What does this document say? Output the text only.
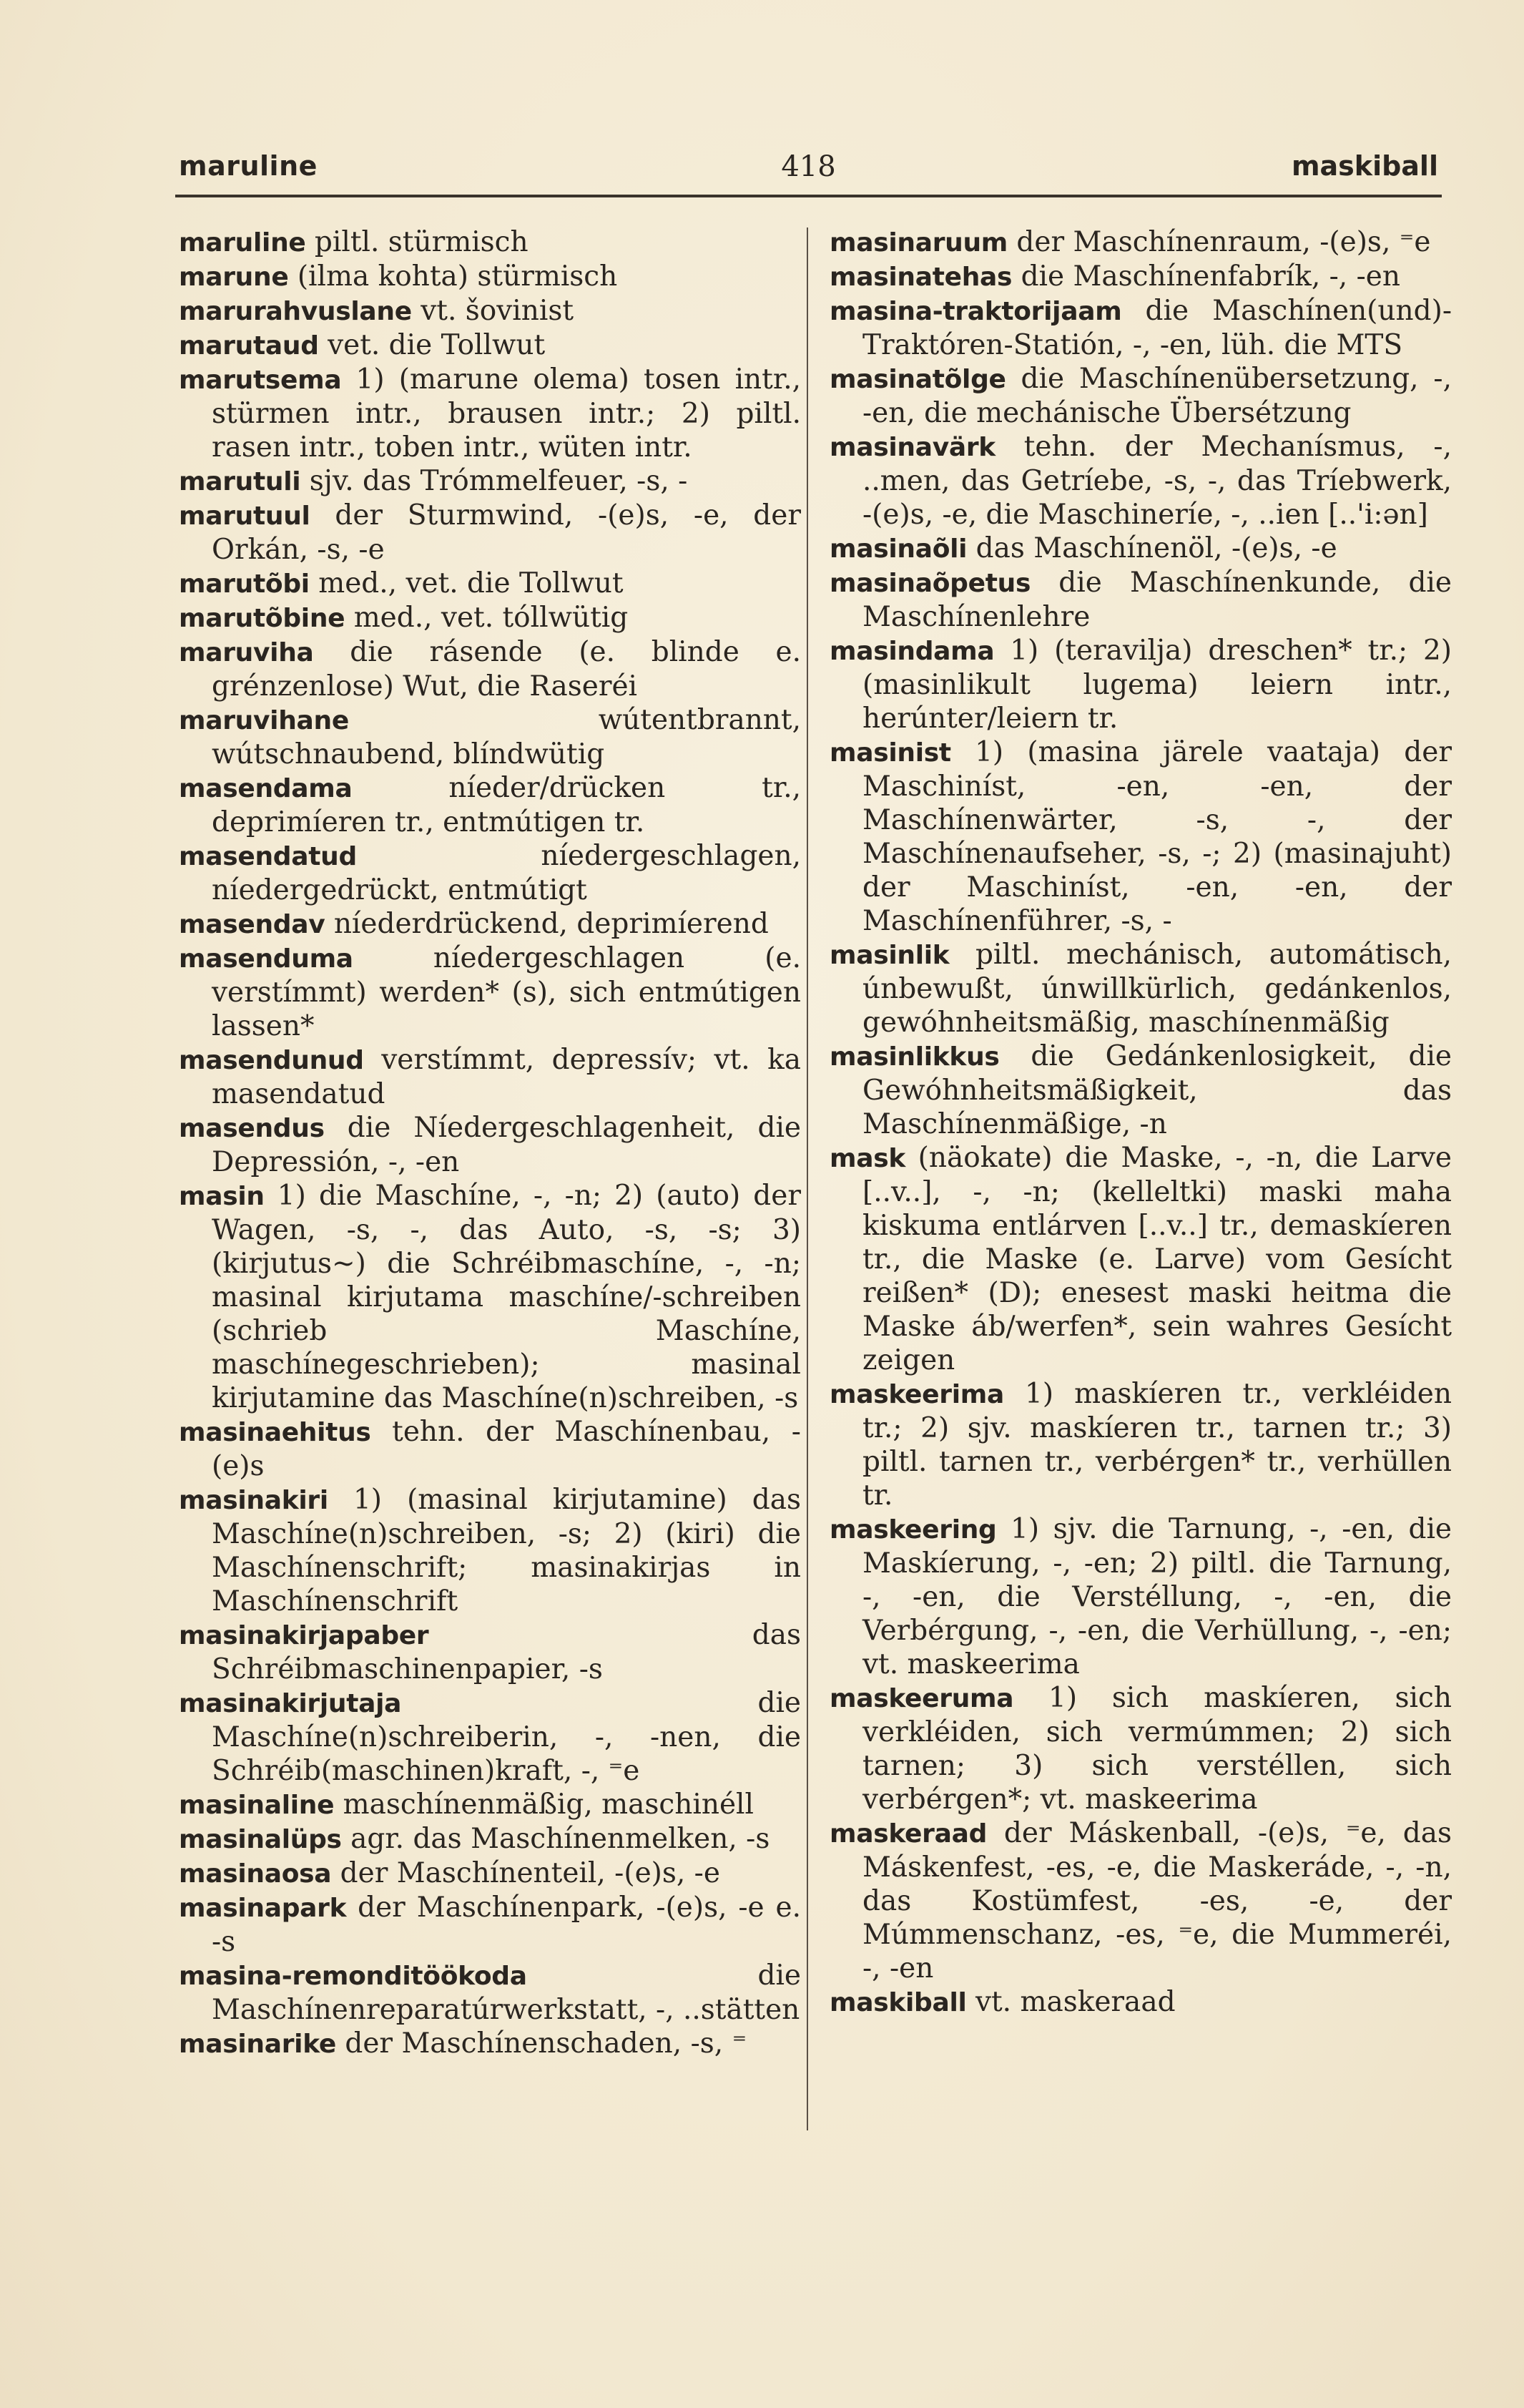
maruline	418	maskiball

maruline piltl. stürmisch

marune (ilma kohta) stürmisch

marurahvuslane vt. šovinist

marutaud vet. die Tollwut

marutsema 1) (marune olema) tosen intr., stürmen intr., brausen intr.; 2) piltl. rasen intr., toben intr., wüten intr.

marutuli sjv. das Trómmelfeuer, -s, -

marutuul der Sturmwind, -(e)s, -e, der Orkán, -s, -e

marutõbi med., vet. die Tollwut

marutõbine med., vet. tóllwütig

maruviha die rásende (e. blinde e. grénzenlose) Wut, die Raseréi

maruvihane wútentbrannt, wútschnaubend, blíndwütig

masendama níeder/drücken tr., deprimíeren tr., entmútigen tr.

masendatud níedergeschlagen, níedergedrückt, entmútigt

masendav níederdrückend, deprimíerend

masenduma níedergeschlagen (e. verstímmt) werden* (s), sich entmútigen lassen*

masendunud verstímmt, depressív; vt. ka masendatud

masendus die Níedergeschlagenheit, die Depressión, -, -en

masin 1) die Maschíne, -, -n; 2) (auto) der Wagen, -s, -, das Auto, -s, -s; 3) (kirjutus~) die Schréibmaschíne, -, -n; masinal kirjutama maschíne/-schreiben (schrieb Maschíne, maschínegeschrieben); masinal kirjutamine das Maschíne(n)schreiben, -s

masinaehitus tehn. der Maschínenbau, -(e)s

masinakiri 1) (masinal kirjutamine) das Maschíne(n)schreiben, -s; 2) (kiri) die Maschínenschrift; masinakirjas in Maschínenschrift

masinakirjapaber das Schréibmaschinenpapier, -s

masinakirjutaja die Maschíne(n)schreiberin, -, -nen, die Schréib(maschinen)kraft, -, ⁼e

masinaline maschínenmäßig, maschinéll

masinalüps agr. das Maschínenmelken, -s

masinaosa der Maschínenteil, -(e)s, -e

masinapark der Maschínenpark, -(e)s, -e e. -s

masina-remonditöökoda die Maschínenreparatúrwerkstatt, -, ..stätten

masinarike der Maschínenschaden, -s, ⁼

masinaruum der Maschínenraum, -(e)s, ⁼e

masinatehas die Maschínenfabrík, -, -en

masina-traktorijaam die Maschínen(und)-Traktóren-Statión, -, -en, lüh. die MTS

masinatõlge die Maschínenübersetzung, -, -en, die mechánische Übersétzung

masinavärk tehn. der Mechanísmus, -, ..men, das Getríebe, -s, -, das Tríebwerk, -(e)s, -e, die Maschineríe, -, ..ien [..'i:ən]

masinaõli das Maschínenöl, -(e)s, -e

masinaõpetus die Maschínenkunde, die Maschínenlehre

masindama 1) (teravilja) dreschen* tr.; 2) (masinlikult lugema) leiern intr., herúnter/leiern tr.

masinist 1) (masina järele vaataja) der Maschiníst, -en, -en, der Maschínenwärter, -s, -, der Maschínenaufseher, -s, -; 2) (masinajuht) der Maschiníst, -en, -en, der Maschínenführer, -s, -

masinlik piltl. mechánisch, automátisch, únbewußt, únwillkürlich, gedánkenlos, gewóhnheitsmäßig, maschínenmäßig

masinlikkus die Gedánkenlosigkeit, die Gewóhnheitsmäßigkeit, das Maschínenmäßige, -n

mask (näokate) die Maske, -, -n, die Larve [..v..], -, -n; (kelleltki) maski maha kiskuma entlárven [..v..] tr., demaskíeren tr., die Maske (e. Larve) vom Gesícht reißen* (D); enesest maski heitma die Maske áb/werfen*, sein wahres Gesícht zeigen

maskeerima 1) maskíeren tr., verkléiden tr.; 2) sjv. maskíeren tr., tarnen tr.; 3) piltl. tarnen tr., verbérgen* tr., verhüllen tr.

maskeering 1) sjv. die Tarnung, -, -en, die Maskíerung, -, -en; 2) piltl. die Tarnung, -, -en, die Verstéllung, -, -en, die Verbérgung, -, -en, die Verhüllung, -, -en; vt. maskeerima

maskeeruma 1) sich maskíeren, sich verkléiden, sich vermúmmen; 2) sich tarnen; 3) sich verstéllen, sich verbérgen*; vt. maskeerima

maskeraad der Máskenball, -(e)s, ⁼e, das Máskenfest, -es, -e, die Maskeráde, -, -n, das Kostümfest, -es, -e, der Múmmenschanz, -es, ⁼e, die Mummeréi, -, -en

maskiball vt. maskeraad
